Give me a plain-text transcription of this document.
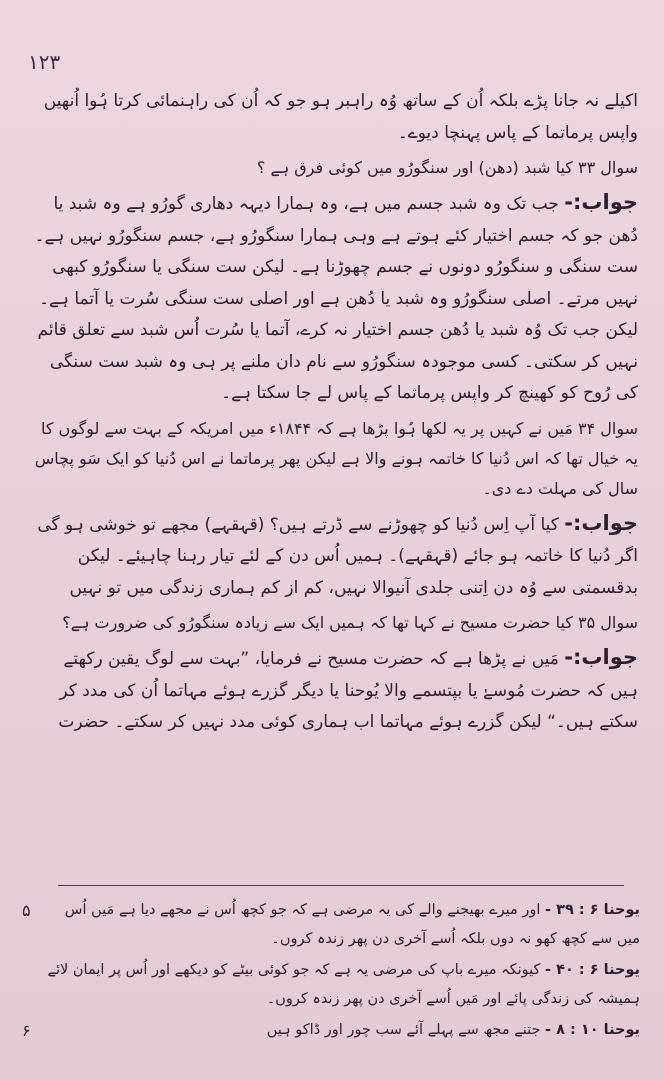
۱۲۳

اکیلے نہ جانا پڑے بلکہ اُن کے ساتھ وُہ راہبر ہو جو کہ اُن کی راہنمائی کرتا ہُوا اُنھیں واپس پرماتما کے پاس پہنچا دیوے۔

سوال ۳۳ کیا شبد (دھن) اور سنگورُو میں کوئی فرق ہے ؟

جواب:- جب تک وہ شبد جسم میں ہے، وہ ہمارا دیہہ دھاری گورُو ہے وہ شبد یا دُھن جو کہ جسم اختیار کئے ہوتے ہے وہی ہمارا سنگورُو ہے، جسم سنگورُو نہیں ہے۔ ست سنگی و سنگورُو دونوں نے جسم چھوڑنا ہے۔ لیکن ست سنگی یا سنگورُو کبھی نہیں مرتے۔ اصلی سنگورُو وہ شبد یا دُھن ہے اور اصلی ست سنگی سُرت یا آتما ہے۔ لیکن جب تک وُہ شبد یا دُھن جسم اختیار نہ کرے، آتما یا سُرت اُس شبد سے تعلق قائم نہیں کر سکتی۔ کسی موجودہ سنگورُو سے نام دان ملنے پر ہی وہ شبد ست سنگی کی رُوح کو کھینچ کر واپس پرماتما کے پاس لے جا سکتا ہے۔

سوال ۳۴ مَیں نے کہیں پر یہ لکھا ہُوا پڑھا ہے کہ ۱۸۴۴ء میں امریکہ کے بہت سے لوگوں کا یہ خیال تھا کہ اس دُنیا کا خاتمہ ہونے والا ہے لیکن پھر پرماتما نے اس دُنیا کو ایک سَو پچاس سال کی مہلت دے دی۔

جواب:- کیا آپ اِس دُنیا کو چھوڑنے سے ڈرتے ہیں؟ (قہقہے) مجھے تو خوشی ہو گی اگر دُنیا کا خاتمہ ہو جائے (قہقہے)۔ ہمیں اُس دن کے لئے تیار رہنا چاہیئے۔ لیکن بدقسمتی سے وُہ دن اِتنی جلدی آنیوالا نہیں، کم از کم ہماری زندگی میں تو نہیں

سوال ۳۵ کیا حضرت مسیح نے کہا تھا کہ ہمیں ایک سے زیادہ سنگورُو کی ضرورت ہے؟

جواب:- مَیں نے پڑھا ہے کہ حضرت مسیح نے فرمایا، ”بہت سے لوگ یقین رکھتے ہیں کہ حضرت مُوسےٰ یا بپتسمے والا یُوحنا یا دیگر گزرے ہوئے مہاتما اُن کی مدد کر سکتے ہیں۔“ لیکن گزرے ہوئے مہاتما اب ہماری کوئی مدد نہیں کر سکتے۔ حضرت

۵	یوحنا ۶ : ۳۹ - اور میرے بھیجنے والے کی یہ مرضی ہے کہ جو کچھ اُس نے مجھے دیا ہے مَیں اُس میں سے کچھ کھو نہ دوں بلکہ اُسے آخری دن پھر زندہ کروں۔

یوحنا ۶ : ۴۰ - کیونکہ میرے باپ کی مرضی یہ ہے کہ جو کوئی بیٹے کو دیکھے اور اُس پر ایمان لائے ہمیشہ کی زندگی پائے اور مَیں اُسے آخری دن پھر زندہ کروں۔

۶	یوحنا ۱۰ : ۸ - جتنے مجھ سے پہلے آئے سب چور اور ڈاکو ہیں
